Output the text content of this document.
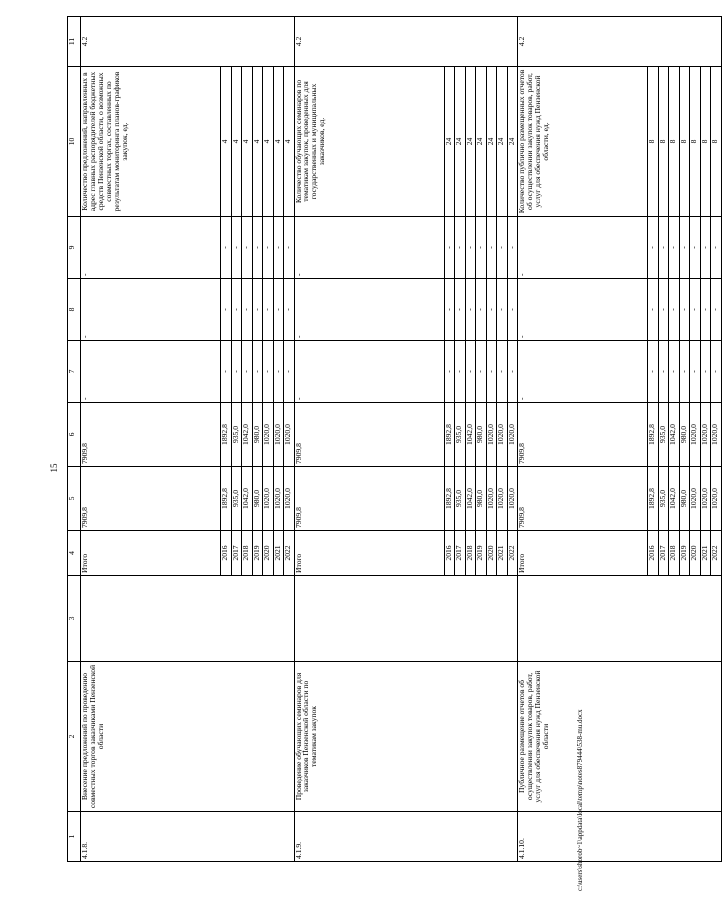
15
1	2	3	4	5	6	7	8	9	10	11
4.1.8.	Внесение предложений по проведению совместных торгов заказчиками Пензенской области		Итого	7909,8	7909,8	-	-	-	Количество предложений, направленных в адрес главных распорядителей бюджетных средств Пензенской области, о возможных совместных торгах, составленных по результатам мониторинга планов-графиков закупок, ед.	4.2
			2016	1892,8	1892,8	-	-	-	4	
			2017	935,0	935,0	-	-	-	4	
			2018	1042,0	1042,0	-	-	-	4	
			2019	980,0	980,0	-	-	-	4	
			2020	1020,0	1020,0	-	-	-	4	
			2021	1020,0	1020,0	-	-	-	4	
			2022	1020,0	1020,0	-	-	-	4	
4.1.9.	Проведение обучающих семинаров для заказчиков Пензенской области по тематикам закупок		Итого	7909,8	7909,8	-	-	-	Количество обучающих семинаров по тематикам закупок, проведенных для государственных и муниципальных заказчиков, ед.	4.2
			2016	1892,8	1892,8	-	-	-	24	
			2017	935,0	935,0	-	-	-	24	
			2018	1042,0	1042,0	-	-	-	24	
			2019	980,0	980,0	-	-	-	24	
			2020	1020,0	1020,0	-	-	-	24	
			2021	1020,0	1020,0	-	-	-	24	
			2022	1020,0	1020,0	-	-	-	24	
4.1.10.	Публичное размещение отчетов об осуществлении закупок товаров, работ, услуг для обеспечения нужд Пензенской области		Итого	7909,8	7909,8	-	-	-	Количество публично размещенных отчетов об осуществлении закупок товаров, работ, услуг для обеспечения нужд Пензенской области, ед.	4.2
			2016	1892,8	1892,8	-	-	-	8	
			2017	935,0	935,0	-	-	-	8	
			2018	1042,0	1042,0	-	-	-	8	
			2019	980,0	980,0	-	-	-	8	
			2020	1020,0	1020,0	-	-	-	8	
			2021	1020,0	1020,0	-	-	-	8	
			2022	1020,0	1020,0	-	-	-	8	
c:\users\shorob~1\appdata\local\temp\notes879444\538-mu.docx
